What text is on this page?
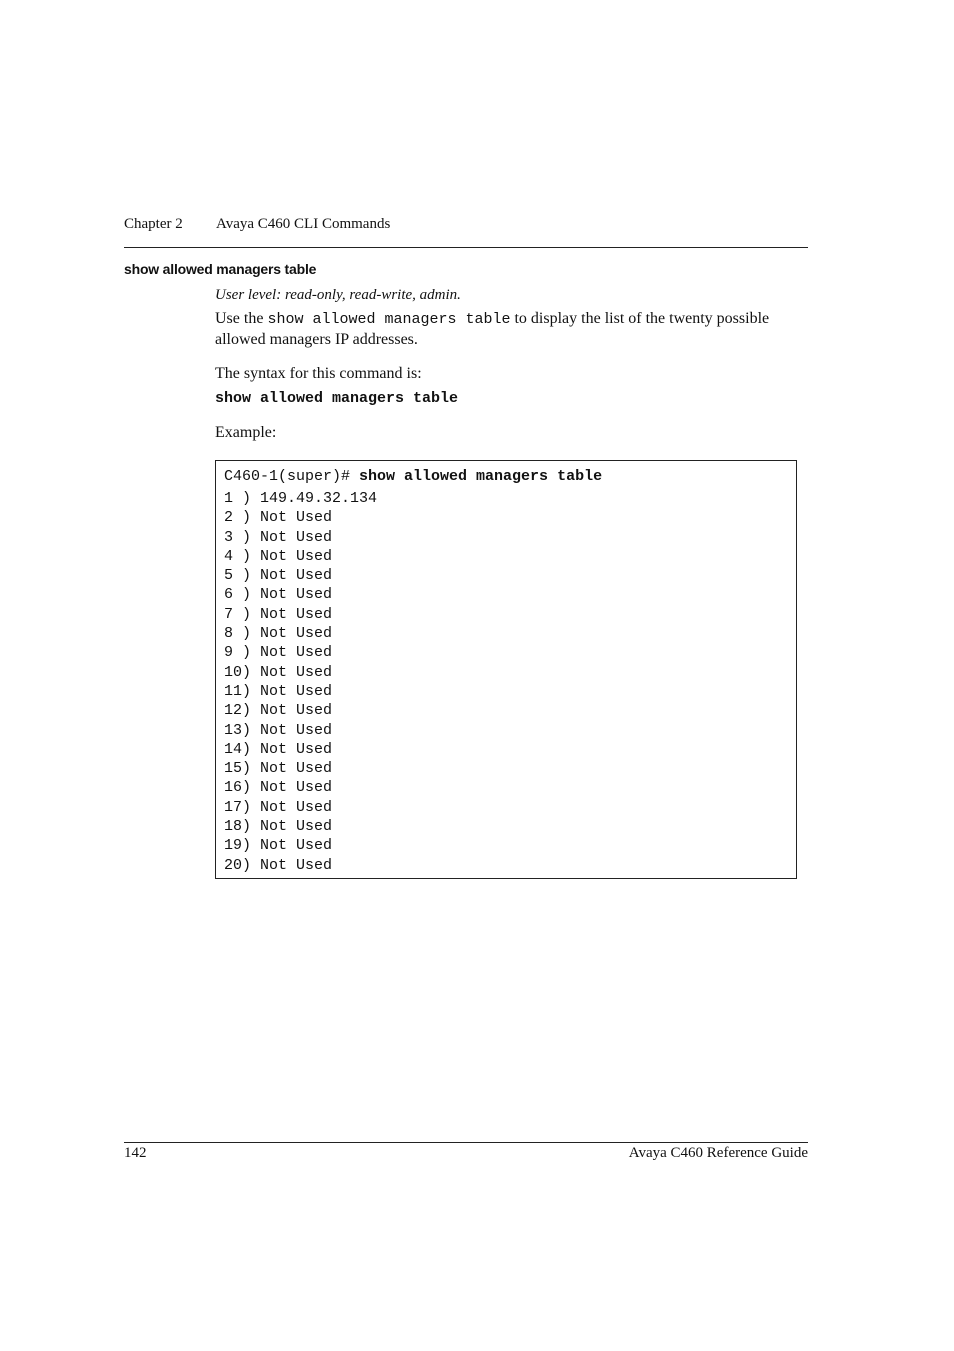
Chapter 2 Avaya C460 CLI Commands
show allowed managers table
User level: read-only, read-write, admin.
Use the show allowed managers table to display the list of the twenty possible allowed managers IP addresses.
The syntax for this command is:
show allowed managers table
Example:
C460-1(super)# show allowed managers table
1 ) 149.49.32.134
2 ) Not Used
3 ) Not Used
4 ) Not Used
5 ) Not Used
6 ) Not Used
7 ) Not Used
8 ) Not Used
9 ) Not Used
10) Not Used
11) Not Used
12) Not Used
13) Not Used
14) Not Used
15) Not Used
16) Not Used
17) Not Used
18) Not Used
19) Not Used
20) Not Used
142	Avaya C460 Reference Guide
